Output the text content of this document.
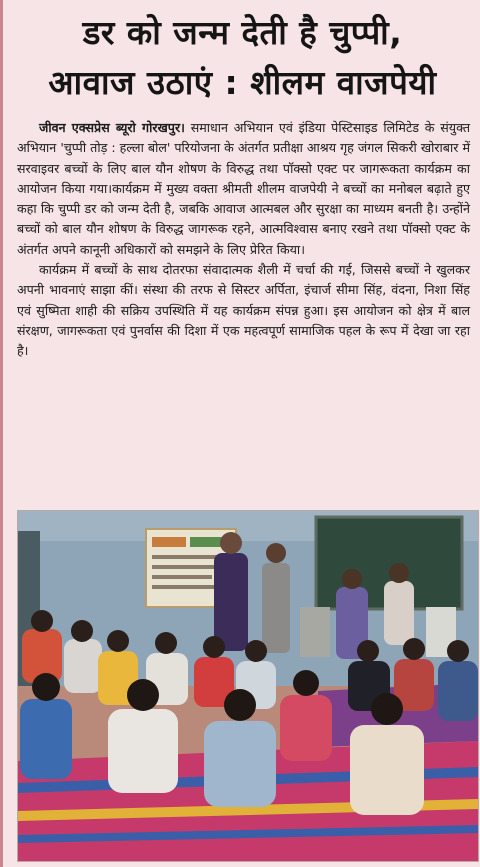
डर को जन्म देती है चुप्पी,
आवाज उठाएं : शीलम वाजपेयी

जीवन एक्सप्रेस ब्यूरो गोरखपुर। समाधान अभियान एवं इंडिया पेस्टिसाइड लिमिटेड के संयुक्त अभियान 'चुप्पी तोड़ : हल्ला बोल' परियोजना के अंतर्गत प्रतीक्षा आश्रय गृह जंगल सिकरी खोराबार में सरवाइवर बच्चों के लिए बाल यौन शोषण के विरुद्ध तथा पॉक्सो एक्ट पर जागरूकता कार्यक्रम का आयोजन किया गया।कार्यक्रम में मुख्य वक्ता श्रीमती शीलम वाजपेयी ने बच्चों का मनोबल बढ़ाते हुए कहा कि चुप्पी डर को जन्म देती है, जबकि आवाज आत्मबल और सुरक्षा का माध्यम बनती है। उन्होंने बच्चों को बाल यौन शोषण के विरुद्ध जागरूक रहने, आत्मविश्वास बनाए रखने तथा पॉक्सो एक्ट के अंतर्गत अपने कानूनी अधिकारों को समझने के लिए प्रेरित किया।

कार्यक्रम में बच्चों के साथ दोतरफा संवादात्मक शैली में चर्चा की गई, जिससे बच्चों ने खुलकर अपनी भावनाएं साझा कीं। संस्था की तरफ से सिस्टर अर्पिता, इंचार्ज सीमा सिंह, वंदना, निशा सिंह एवं सुष्मिता शाही की सक्रिय उपस्थिति में यह कार्यक्रम संपन्न हुआ। इस आयोजन को क्षेत्र में बाल संरक्षण, जागरूकता एवं पुनर्वास की दिशा में एक महत्वपूर्ण सामाजिक पहल के रूप में देखा जा रहा है।
